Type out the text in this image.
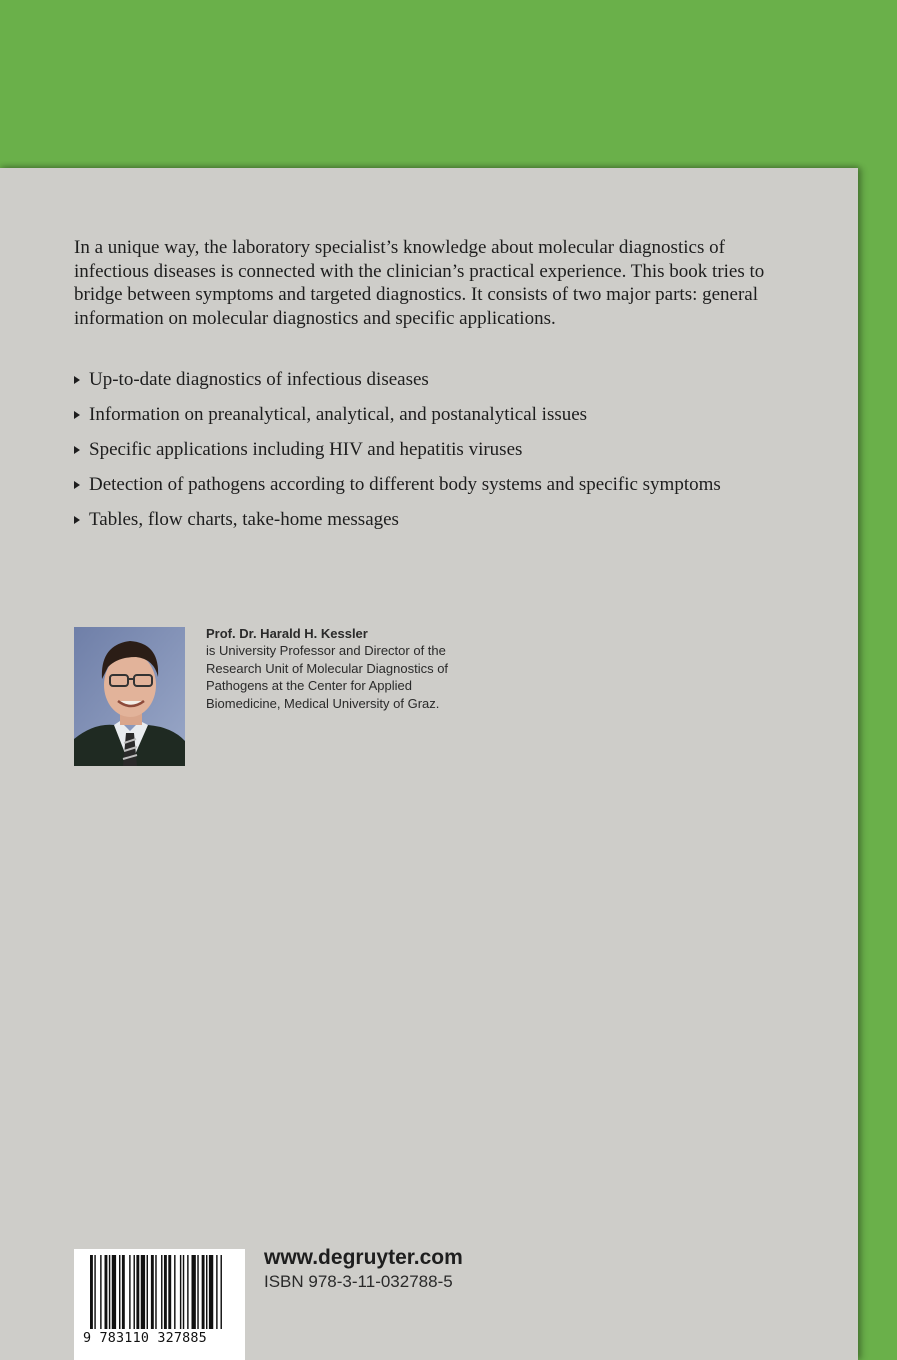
In a unique way, the laboratory specialist’s knowledge about molecular diagnostics of infectious diseases is connected with the clinician’s practical experience. This book tries to bridge between symptoms and targeted diagnostics. It consists of two major parts: general information on molecular diagnostics and specific applications.

Up-to-date diagnostics of infectious diseases
Information on preanalytical, analytical, and postanalytical issues
Specific applications including HIV and hepatitis viruses
Detection of pathogens according to different body systems and specific symptoms
Tables, flow charts, take-home messages
Prof. Dr. Harald H. Kessler
is University Professor and Director of the Research Unit of Molecular Diagnostics of Pathogens at the Center for Applied Biomedicine, Medical University of Graz.
9 783110 327885
www.degruyter.com
ISBN 978-3-11-032788-5
